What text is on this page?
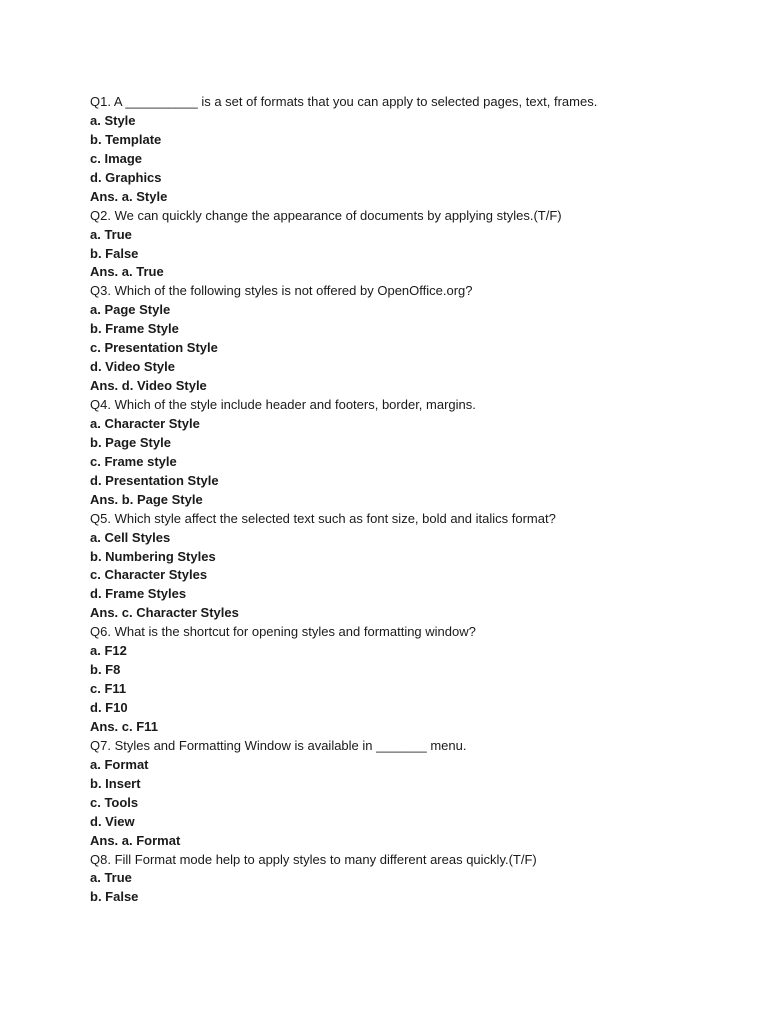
Q1. A __________ is a set of formats that you can apply to selected pages, text, frames.
a. Style
b. Template
c. Image
d. Graphics
Ans. a. Style
Q2. We can quickly change the appearance of documents by applying styles.(T/F)
a. True
b. False
Ans. a. True
Q3. Which of the following styles is not offered by OpenOffice.org?
a. Page Style
b. Frame Style
c. Presentation Style
d. Video Style
Ans. d. Video Style
Q4. Which of the style include header and footers, border, margins.
a. Character Style
b. Page Style
c. Frame style
d. Presentation Style
Ans. b. Page Style
Q5. Which style affect the selected text such as font size, bold and italics format?
a. Cell Styles
b. Numbering Styles
c. Character Styles
d. Frame Styles
Ans. c. Character Styles
Q6. What is the shortcut for opening styles and formatting window?
a. F12
b. F8
c. F11
d. F10
Ans. c. F11
Q7. Styles and Formatting Window is available in _______ menu.
a. Format
b. Insert
c. Tools
d. View
Ans. a. Format
Q8. Fill Format mode help to apply styles to many different areas quickly.(T/F)
a. True
b. False
